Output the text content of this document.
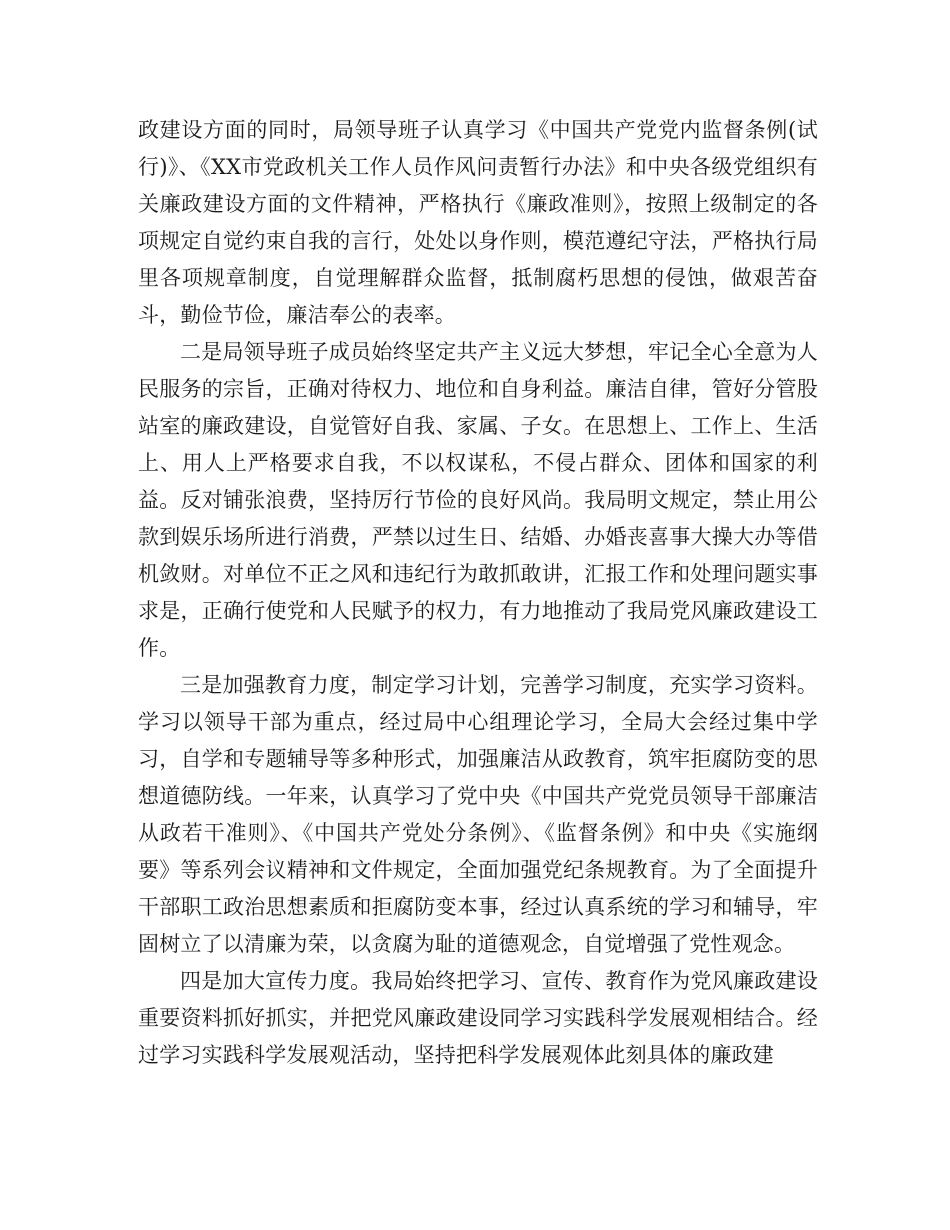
政建设方面的同时，局领导班子认真学习《中国共产党党内监督条例(试行)》、《XX市党政机关工作人员作风问责暂行办法》和中央各级党组织有关廉政建设方面的文件精神，严格执行《廉政准则》，按照上级制定的各项规定自觉约束自我的言行，处处以身作则，模范遵纪守法，严格执行局里各项规章制度，自觉理解群众监督，抵制腐朽思想的侵蚀，做艰苦奋斗，勤俭节俭，廉洁奉公的表率。

二是局领导班子成员始终坚定共产主义远大梦想，牢记全心全意为人民服务的宗旨，正确对待权力、地位和自身利益。廉洁自律，管好分管股站室的廉政建设，自觉管好自我、家属、子女。在思想上、工作上、生活上、用人上严格要求自我，不以权谋私，不侵占群众、团体和国家的利益。反对铺张浪费，坚持厉行节俭的良好风尚。我局明文规定，禁止用公款到娱乐场所进行消费，严禁以过生日、结婚、办婚丧喜事大操大办等借机敛财。对单位不正之风和违纪行为敢抓敢讲，汇报工作和处理问题实事求是，正确行使党和人民赋予的权力，有力地推动了我局党风廉政建设工作。

三是加强教育力度，制定学习计划，完善学习制度，充实学习资料。学习以领导干部为重点，经过局中心组理论学习，全局大会经过集中学习，自学和专题辅导等多种形式，加强廉洁从政教育，筑牢拒腐防变的思想道德防线。一年来，认真学习了党中央《中国共产党党员领导干部廉洁从政若干准则》、《中国共产党处分条例》、《监督条例》和中央《实施纲要》等系列会议精神和文件规定，全面加强党纪条规教育。为了全面提升干部职工政治思想素质和拒腐防变本事，经过认真系统的学习和辅导，牢固树立了以清廉为荣，以贪腐为耻的道德观念，自觉增强了党性观念。

四是加大宣传力度。我局始终把学习、宣传、教育作为党风廉政建设重要资料抓好抓实，并把党风廉政建设同学习实践科学发展观相结合。经过学习实践科学发展观活动，坚持把科学发展观体此刻具体的廉政建
